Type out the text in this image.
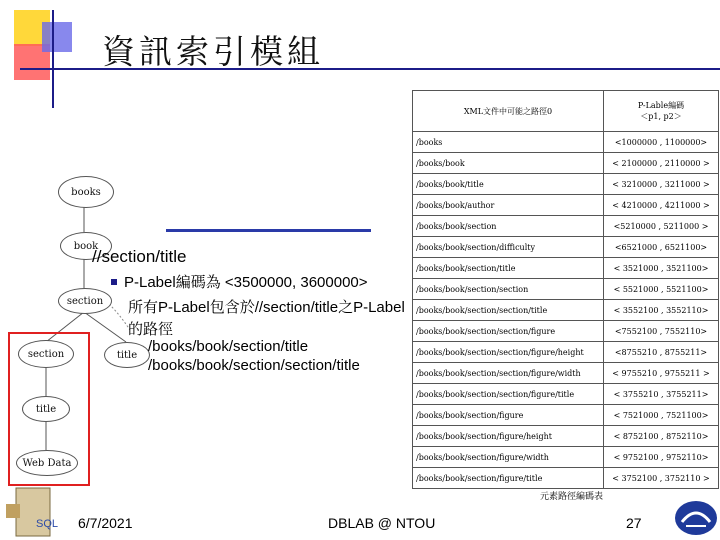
資訊索引模組
books
book
section
section	title
title
Web Data
//section/title
P-Label編碼為 <3500000, 3600000>
所有P-Label包含於//section/title之P-Label
的路徑
/books/book/section/title
/books/book/section/section/title
XML文件中可能之路徑0	P-Lable編碼
＜p1, p2＞
/books	<1000000 , 1100000>
/books/book	< 2100000 , 2110000 >
/books/book/title	< 3210000 , 3211000 >
/books/book/author	< 4210000 , 4211000 >
/books/book/section	<5210000 , 5211000 >
/books/book/section/difficulty	<6521000 , 6521100>
/books/book/section/title	< 3521000 , 3521100>
/books/book/section/section	< 5521000 , 5521100>
/books/book/section/section/title	< 3552100 , 3552110>
/books/book/section/section/figure	<7552100 , 7552110>
/books/book/section/section/figure/height	<8755210 , 8755211>
/books/book/section/section/figure/width	< 9755210 , 9755211 >
/books/book/section/section/figure/title	< 3755210 , 3755211>
/books/book/section/figure	< 7521000 , 7521100>
/books/book/section/figure/height	< 8752100 , 8752110>
/books/book/section/figure/width	< 9752100 , 9752110>
/books/book/section/figure/title	< 3752100 , 3752110 >
元素路徑編碼表
SQL 6/7/2021	DBLAB @ NTOU	27
